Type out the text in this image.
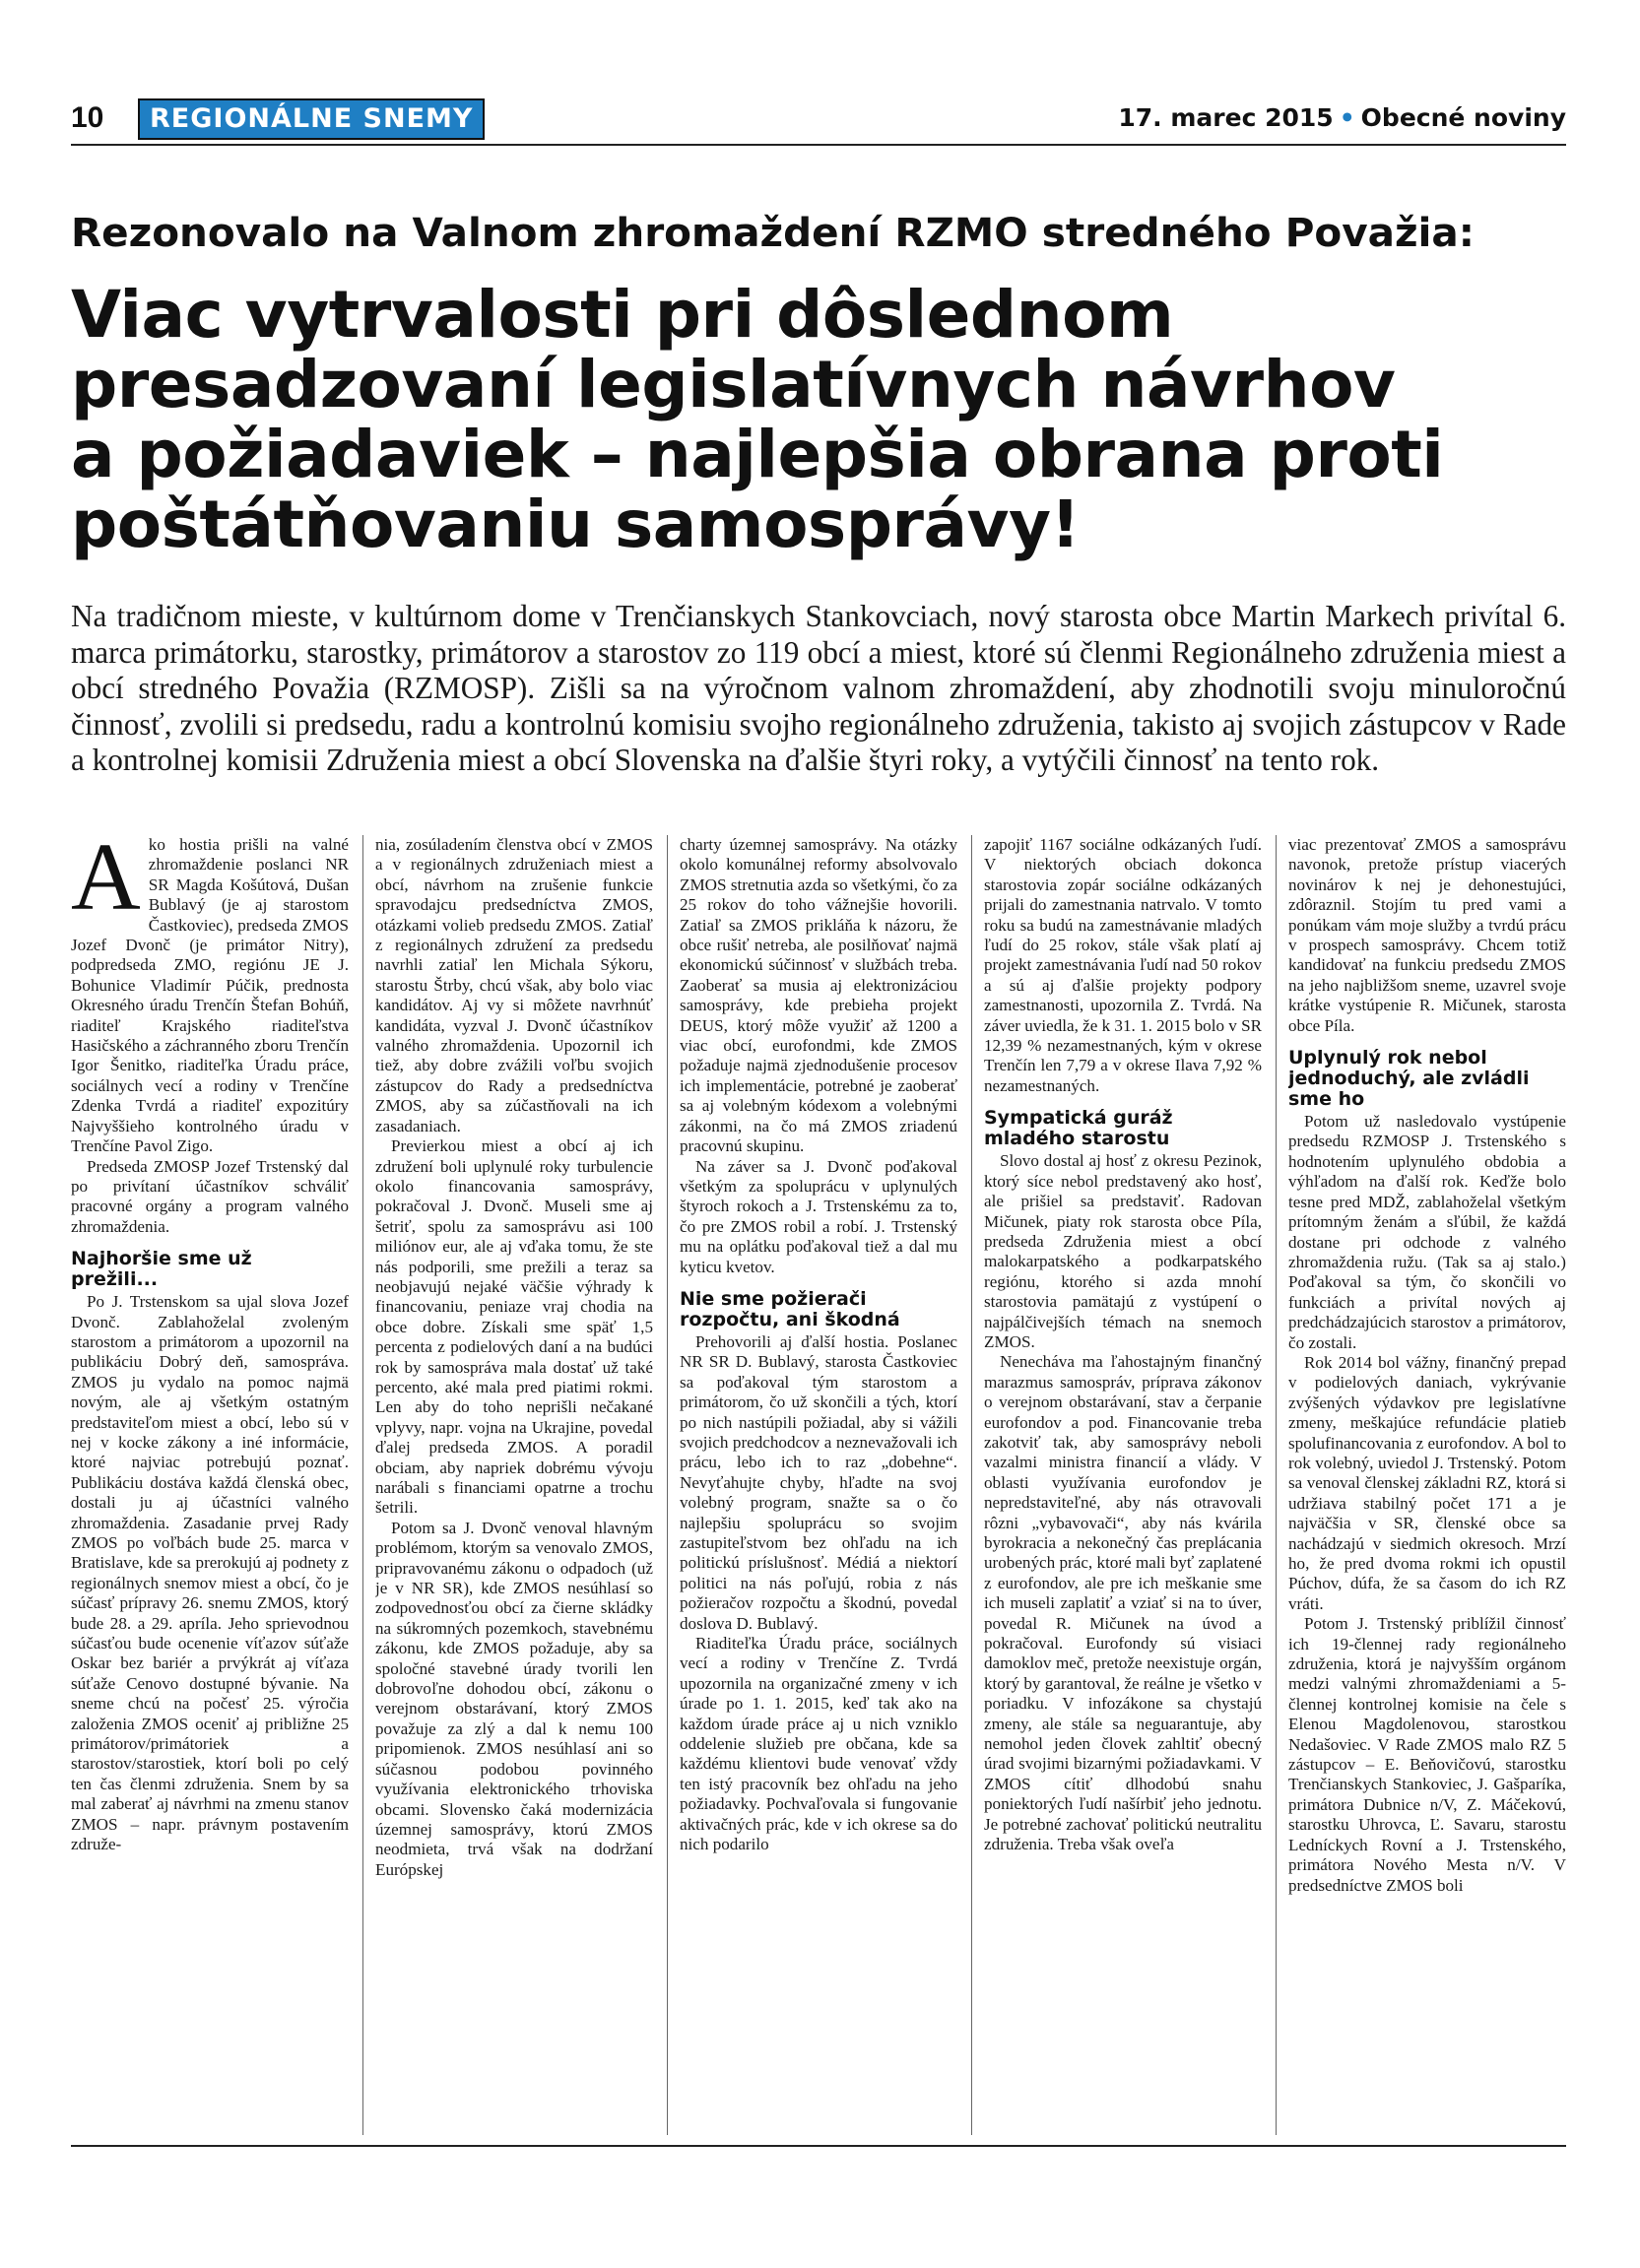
10	REGIONÁLNE SNEMY	17. marec 2015 • Obecné noviny
Rezonovalo na Valnom zhromaždení RZMO stredného Považia:
Viac vytrvalosti pri dôslednom
presadzovaní legislatívnych návrhov
a požiadaviek – najlepšia obrana proti
poštátňovaniu samosprávy!

Na tradičnom mieste, v kultúrnom dome v Trenčianskych Stankovciach, nový starosta obce Martin Markech privítal 6. marca primátorku, starostky, primátorov a starostov zo 119 obcí a miest, ktoré sú členmi Regionálneho združenia miest a obcí stredného Považia (RZMOSP). Zišli sa na výročnom valnom zhromaždení, aby zhodnotili svoju minuloročnú činnosť, zvolili si predsedu, radu a kontrolnú komisiu svojho regionálneho združenia, takisto aj svojich zástupcov v Rade a kontrolnej komisii Združenia miest a obcí Slovenska na ďalšie štyri roky, a vytýčili činnosť na tento rok.

A ko hostia prišli na valné zhromaždenie poslanci NR SR Magda Košútová, Dušan Bublavý (je aj starostom Častkoviec), predseda ZMOS Jozef Dvonč (je primátor Nitry), podpredseda ZMO, regiónu JE J. Bohunice Vladimír Púčik, prednosta Okresného úradu Trenčín Štefan Bohúň, riaditeľ Krajského riaditeľstva Hasičského a záchranného zboru Trenčín Igor Šenitko, riaditeľka Úradu práce, sociálnych vecí a rodiny v Trenčíne Zdenka Tvrdá a riaditeľ expozitúry Najvyššieho kontrolného úradu v Trenčíne Pavol Zigo.

Predseda ZMOSP Jozef Trstenský dal po privítaní účastníkov schváliť pracovné orgány a program valného zhromaždenia.

Najhoršie sme už
prežili...

Po J. Trstenskom sa ujal slova Jozef Dvonč. Zablahoželal zvoleným starostom a primátorom a upozornil na publikáciu Dobrý deň, samospráva. ZMOS ju vydalo na pomoc najmä novým, ale aj všetkým ostatným predstaviteľom miest a obcí, lebo sú v nej v kocke zákony a iné informácie, ktoré najviac potrebujú poznať. Publikáciu dostáva každá členská obec, dostali ju aj účastníci valného zhromaždenia. Zasadanie prvej Rady ZMOS po voľbách bude 25. marca v Bratislave, kde sa prerokujú aj podnety z regionálnych snemov miest a obcí, čo je súčasť prípravy 26. snemu ZMOS, ktorý bude 28. a 29. apríla. Jeho sprievodnou súčasťou bude ocenenie víťazov súťaže Oskar bez bariér a prvýkrát aj víťaza súťaže Cenovo dostupné bývanie. Na sneme chcú na počesť 25. výročia založenia ZMOS oceniť aj približne 25 primátorov/primátoriek a starostov/starostiek, ktorí boli po celý ten čas členmi združenia. Snem by sa mal zaberať aj návrhmi na zmenu stanov ZMOS – napr. právnym postavením združe-

nia, zosúladením členstva obcí v ZMOS a v regionálnych združeniach miest a obcí, návrhom na zrušenie funkcie spravodajcu predsedníctva ZMOS, otázkami volieb predsedu ZMOS. Zatiaľ z regionálnych združení za predsedu navrhli zatiaľ len Michala Sýkoru, starostu Štrby, chcú však, aby bolo viac kandidátov. Aj vy si môžete navrhnúť kandidáta, vyzval J. Dvonč účastníkov valného zhromaždenia. Upozornil ich tiež, aby dobre zvážili voľbu svojich zástupcov do Rady a predsedníctva ZMOS, aby sa zúčastňovali na ich zasadaniach.

Previerkou miest a obcí aj ich združení boli uplynulé roky turbulencie okolo financovania samosprávy, pokračoval J. Dvonč. Museli sme aj šetriť, spolu za samosprávu asi 100 miliónov eur, ale aj vďaka tomu, že ste nás podporili, sme prežili a teraz sa neobjavujú nejaké väčšie výhrady k financovaniu, peniaze vraj chodia na obce dobre. Získali sme späť 1,5 percenta z podielových daní a na budúci rok by samospráva mala dostať už také percento, aké mala pred piatimi rokmi. Len aby do toho neprišli nečakané vplyvy, napr. vojna na Ukrajine, povedal ďalej predseda ZMOS. A poradil obciam, aby napriek dobrému vývoju narábali s financiami opatrne a trochu šetrili.

Potom sa J. Dvonč venoval hlavným problémom, ktorým sa venovalo ZMOS, pripravovanému zákonu o odpadoch (už je v NR SR), kde ZMOS nesúhlasí so zodpovednosťou obcí za čierne skládky na súkromných pozemkoch, stavebnému zákonu, kde ZMOS požaduje, aby sa spoločné stavebné úrady tvorili len dobrovoľne dohodou obcí, zákonu o verejnom obstarávaní, ktorý ZMOS považuje za zlý a dal k nemu 100 pripomienok. ZMOS nesúhlasí ani so súčasnou podobou povinného využívania elektronického trhoviska obcami. Slovensko čaká modernizácia územnej samosprávy, ktorú ZMOS neodmieta, trvá však na dodržaní Európskej

charty územnej samosprávy. Na otázky okolo komunálnej reformy absolvovalo ZMOS stretnutia azda so všetkými, čo za 25 rokov do toho vážnejšie hovorili. Zatiaľ sa ZMOS prikláňa k názoru, že obce rušiť netreba, ale posilňovať najmä ekonomickú súčinnosť v službách treba. Zaoberať sa musia aj elektronizáciou samosprávy, kde prebieha projekt DEUS, ktorý môže využiť až 1200 a viac obcí, eurofondmi, kde ZMOS požaduje najmä zjednodušenie procesov ich implementácie, potrebné je zaoberať sa aj volebným kódexom a volebnými zákonmi, na čo má ZMOS zriadenú pracovnú skupinu.

Na záver sa J. Dvonč poďakoval všetkým za spoluprácu v uplynulých štyroch rokoch a J. Trstenskému za to, čo pre ZMOS robil a robí. J. Trstenský mu na oplátku poďakoval tiež a dal mu kyticu kvetov.

Nie sme požierači
rozpočtu, ani škodná

Prehovorili aj ďalší hostia. Poslanec NR SR D. Bublavý, starosta Častkoviec sa poďakoval tým starostom a primátorom, čo už skončili a tých, ktorí po nich nastúpili požiadal, aby si vážili svojich predchodcov a neznevažovali ich prácu, lebo ich to raz „dobehne“. Nevyťahujte chyby, hľadte na svoj volebný program, snažte sa o čo najlepšiu spoluprácu so svojim zastupiteľstvom bez ohľadu na ich politickú príslušnosť. Médiá a niektorí politici na nás poľujú, robia z nás požieračov rozpočtu a škodnú, povedal doslova D. Bublavý.

Riaditeľka Úradu práce, sociálnych vecí a rodiny v Trenčíne Z. Tvrdá upozornila na organizačné zmeny v ich úrade po 1. 1. 2015, keď tak ako na každom úrade práce aj u nich vzniklo oddelenie služieb pre občana, kde sa každému klientovi bude venovať vždy ten istý pracovník bez ohľadu na jeho požiadavky. Pochvaľovala si fungovanie aktivačných prác, kde v ich okrese sa do nich podarilo

zapojiť 1167 sociálne odkázaných ľudí. V niektorých obciach dokonca starostovia zopár sociálne odkázaných prijali do zamestnania natrvalo. V tomto roku sa budú na zamestnávanie mladých ľudí do 25 rokov, stále však platí aj projekt zamestnávania ľudí nad 50 rokov a sú aj ďalšie projekty podpory zamestnanosti, upozornila Z. Tvrdá. Na záver uviedla, že k 31. 1. 2015 bolo v SR 12,39 % nezamestnaných, kým v okrese Trenčín len 7,79 a v okrese Ilava 7,92 % nezamestnaných.

Sympatická guráž
mladého starostu

Slovo dostal aj hosť z okresu Pezinok, ktorý síce nebol predstavený ako hosť, ale prišiel sa predstaviť. Radovan Mičunek, piaty rok starosta obce Píla, predseda Združenia miest a obcí malokarpatského a podkarpatského regiónu, ktorého si azda mnohí starostovia pamätajú z vystúpení o najpálčivejších témach na snemoch ZMOS.

Nenecháva ma ľahostajným finančný marazmus samospráv, príprava zákonov o verejnom obstarávaní, stav a čerpanie eurofondov a pod. Financovanie treba zakotviť tak, aby samosprávy neboli vazalmi ministra financií a vlády. V oblasti využívania eurofondov je nepredstaviteľné, aby nás otravovali rôzni „vybavovači“, aby nás kvárila byrokracia a nekonečný čas preplácania urobených prác, ktoré mali byť zaplatené z eurofondov, ale pre ich meškanie sme ich museli zaplatiť a vziať si na to úver, povedal R. Mičunek na úvod a pokračoval. Eurofondy sú visiaci damoklov meč, pretože neexistuje orgán, ktorý by garantoval, že reálne je všetko v poriadku. V infozákone sa chystajú zmeny, ale stále sa neguarantuje, aby nemohol jeden človek zahltiť obecný úrad svojimi bizarnými požiadavkami. V ZMOS cítiť dlhodobú snahu poniektorých ľudí našírbiť jeho jednotu. Je potrebné zachovať politickú neutralitu združenia. Treba však oveľa

viac prezentovať ZMOS a samosprávu navonok, pretože prístup viacerých novinárov k nej je dehonestujúci, zdôraznil. Stojím tu pred vami a ponúkam vám moje služby a tvrdú prácu v prospech samosprávy. Chcem totiž kandidovať na funkciu predsedu ZMOS na jeho najbližšom sneme, uzavrel svoje krátke vystúpenie R. Mičunek, starosta obce Píla.

Uplynulý rok nebol
jednoduchý, ale zvládli
sme ho

Potom už nasledovalo vystúpenie predsedu RZMOSP J. Trstenského s hodnotením uplynulého obdobia a výhľadom na ďalší rok. Keďže bolo tesne pred MDŽ, zablahoželal všetkým prítomným ženám a sľúbil, že každá dostane pri odchode z valného zhromaždenia ružu. (Tak sa aj stalo.) Poďakoval sa tým, čo skončili vo funkciách a privítal nových aj predchádzajúcich starostov a primátorov, čo zostali.

Rok 2014 bol vážny, finančný prepad v podielových daniach, vykrývanie zvýšených výdavkov pre legislatívne zmeny, meškajúce refundácie platieb spolufinancovania z eurofondov. A bol to rok volebný, uviedol J. Trstenský. Potom sa venoval členskej základni RZ, ktorá si udržiava stabilný počet 171 a je najväčšia v SR, členské obce sa nachádzajú v siedmich okresoch. Mrzí ho, že pred dvoma rokmi ich opustil Púchov, dúfa, že sa časom do ich RZ vráti.

Potom J. Trstenský priblížil činnosť ich 19-člennej rady regionálneho združenia, ktorá je najvyšším orgánom medzi valnými zhromaždeniami a 5-člennej kontrolnej komisie na čele s Elenou Magdolenovou, starostkou Nedašoviec. V Rade ZMOS malo RZ 5 zástupcov – E. Beňovičovú, starostku Trenčianskych Stankoviec, J. Gašparíka, primátora Dubnice n/V, Z. Máčekovú, starostku Uhrovca, Ľ. Savaru, starostu Ledníckych Rovní a J. Trstenského, primátora Nového Mesta n/V. V predsedníctve ZMOS boli
